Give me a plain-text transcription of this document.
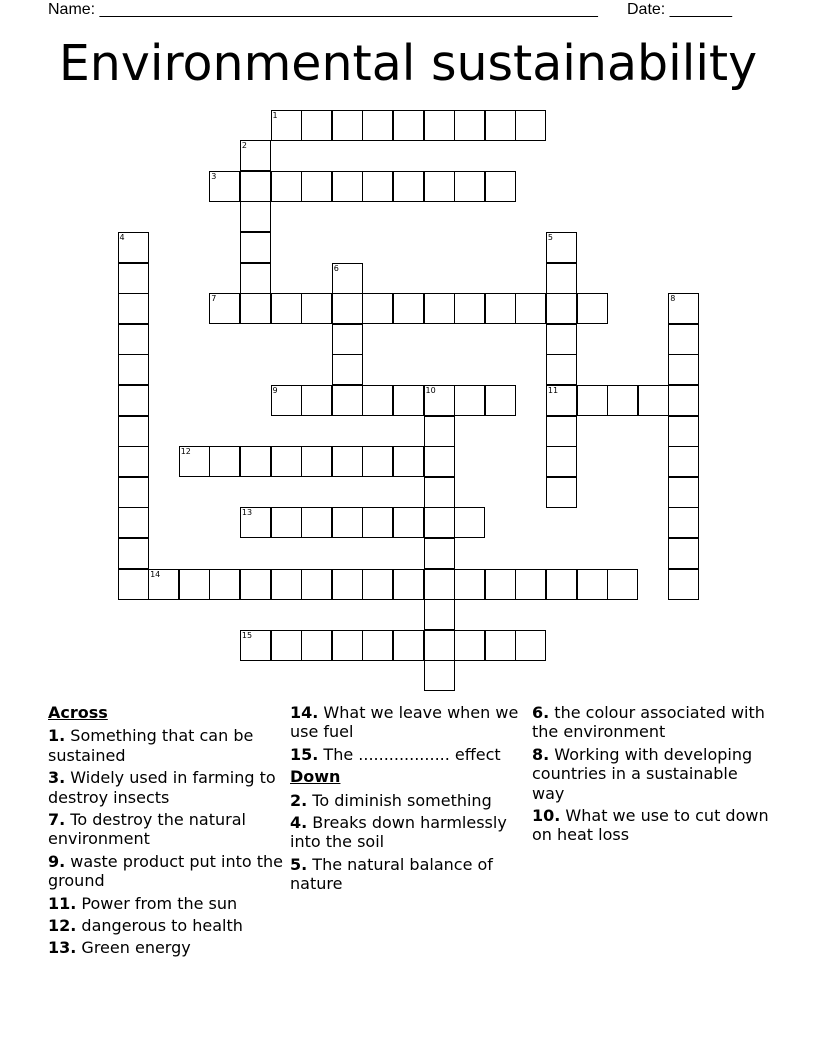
Name: ________________________________________________________ Date: _______
Environmental sustainability
1
2
3
4	5
11
6
7	8
9	10
12
13
14
15
Across
1. Something that can be sustained
3. Widely used in farming to destroy insects
7. To destroy the natural environment
9. waste product put into the ground
11. Power from the sun
12. dangerous to health
13. Green energy
14. What we leave when we use fuel
15. The .................. effect
Down
2. To diminish something
4. Breaks down harmlessly into the soil
5. The natural balance of nature
6. the colour associated with the environment
8. Working with developing countries in a sustainable way
10. What we use to cut down on heat loss
